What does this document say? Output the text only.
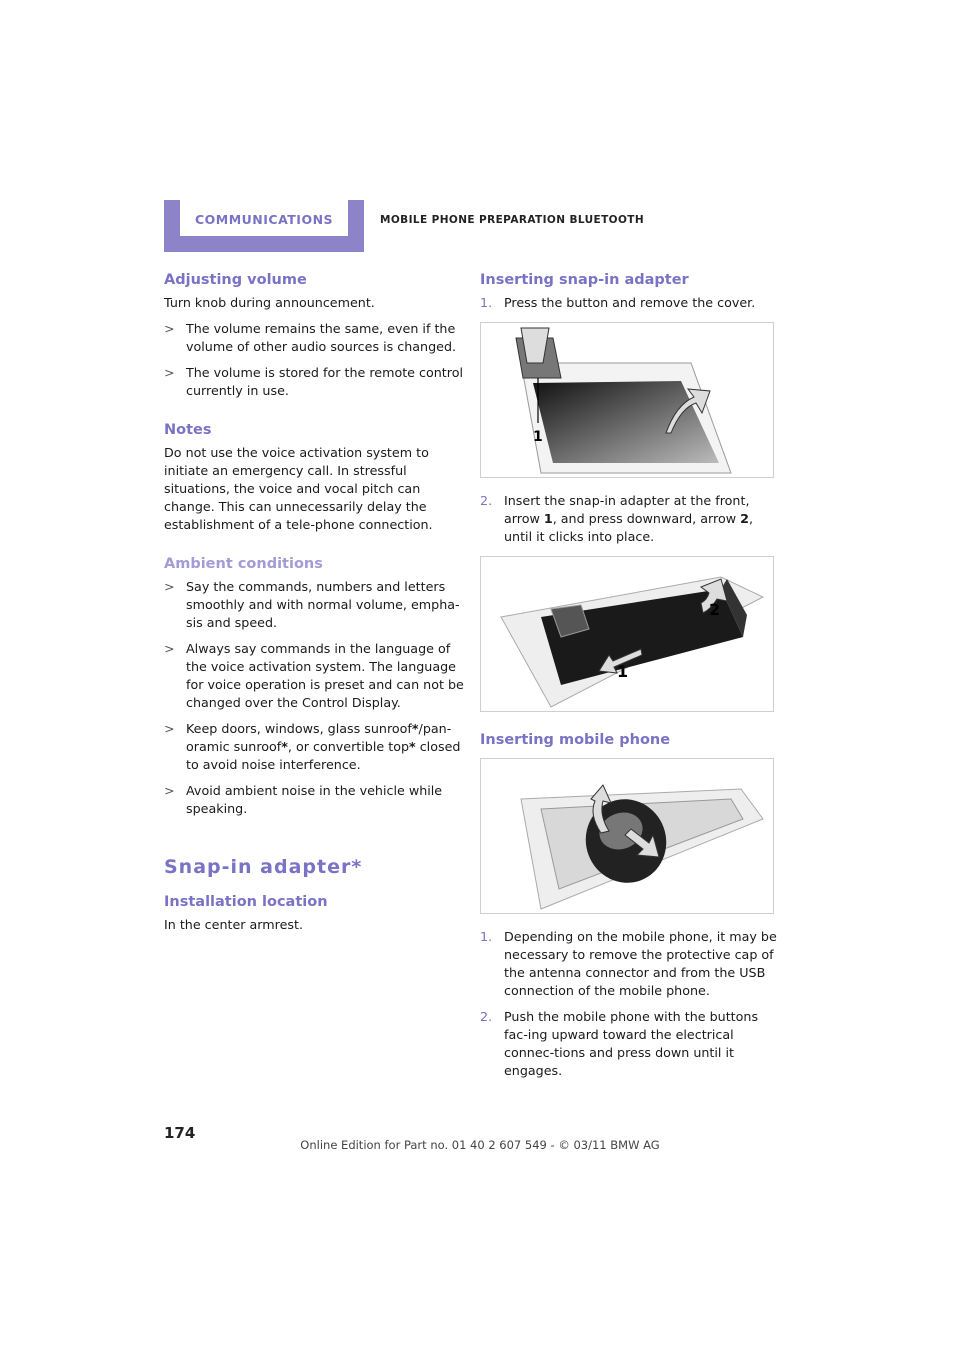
COMMUNICATIONS	MOBILE PHONE PREPARATION BLUETOOTH
Adjusting volume

Turn knob during announcement.

> The volume remains the same, even if the volume of other audio sources is changed.
> The volume is stored for the remote control currently in use.
Notes

Do not use the voice activation system to initiate an emergency call. In stressful situations, the voice and vocal pitch can change. This can unnecessarily delay the establishment of a tele-phone connection.

Ambient conditions
> Say the commands, numbers and letters smoothly and with normal volume, empha-sis and speed.
> Always say commands in the language of the voice activation system. The language for voice operation is preset and can not be changed over the Control Display.
> Keep doors, windows, glass sunroof*/pan-oramic sunroof*, or convertible top* closed to avoid noise interference.
> Avoid ambient noise in the vehicle while speaking.
Snap-in adapter*
Installation location

In the center armrest.

Inserting snap-in adapter
1. Press the button and remove the cover.
1
2. Insert the snap-in adapter at the front, arrow 1, and press downward, arrow 2, until it clicks into place.
2
1
Inserting mobile phone
1. Depending on the mobile phone, it may be necessary to remove the protective cap of the antenna connector and from the USB connection of the mobile phone.
2. Push the mobile phone with the buttons fac-ing upward toward the electrical connec-tions and press down until it engages.
174
Online Edition for Part no. 01 40 2 607 549 - © 03/11 BMW AG
